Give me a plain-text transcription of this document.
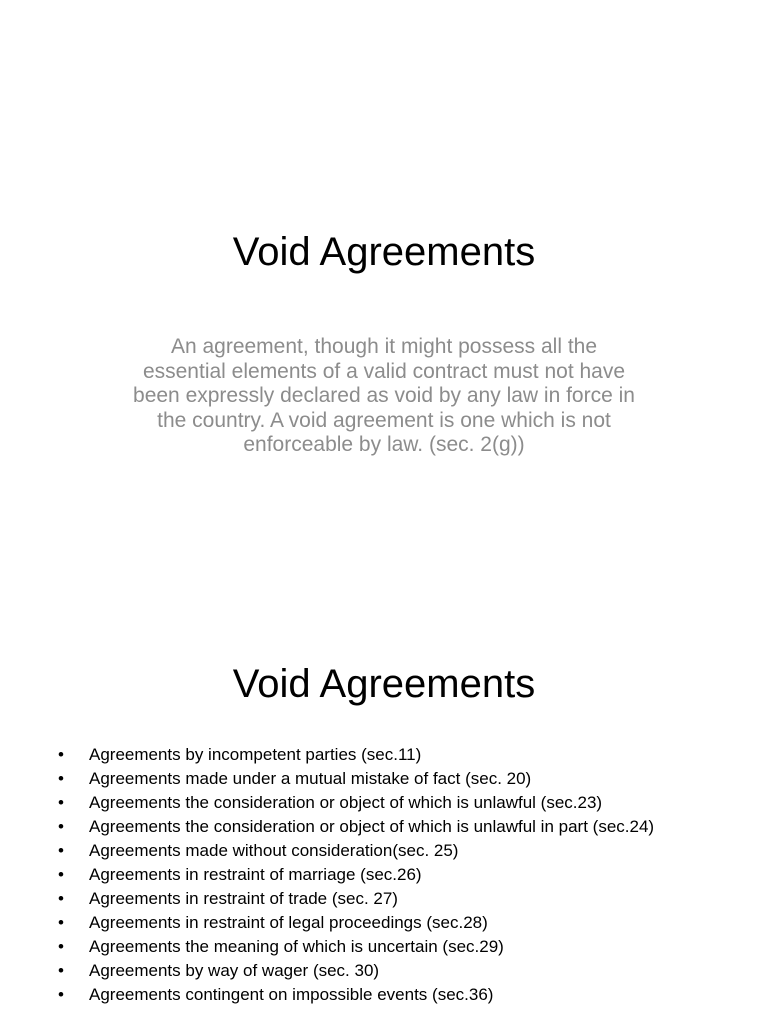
Void Agreements

An agreement, though it might possess all the essential elements of a valid contract must not have been expressly declared as void by any law in force in the country. A void agreement is one which is not enforceable by law. (sec. 2(g))

Void Agreements
• Agreements by incompetent parties (sec.11)
• Agreements made under a mutual mistake of fact (sec. 20)
• Agreements the consideration or object of which is unlawful (sec.23)
• Agreements the consideration or object of which is unlawful in part (sec.24)
• Agreements made without consideration(sec. 25)
• Agreements in restraint of marriage (sec.26)
• Agreements in restraint of trade (sec. 27)
• Agreements in restraint of legal proceedings (sec.28)
• Agreements the meaning of which is uncertain (sec.29)
• Agreements by way of wager (sec. 30)
• Agreements contingent on impossible events (sec.36)
